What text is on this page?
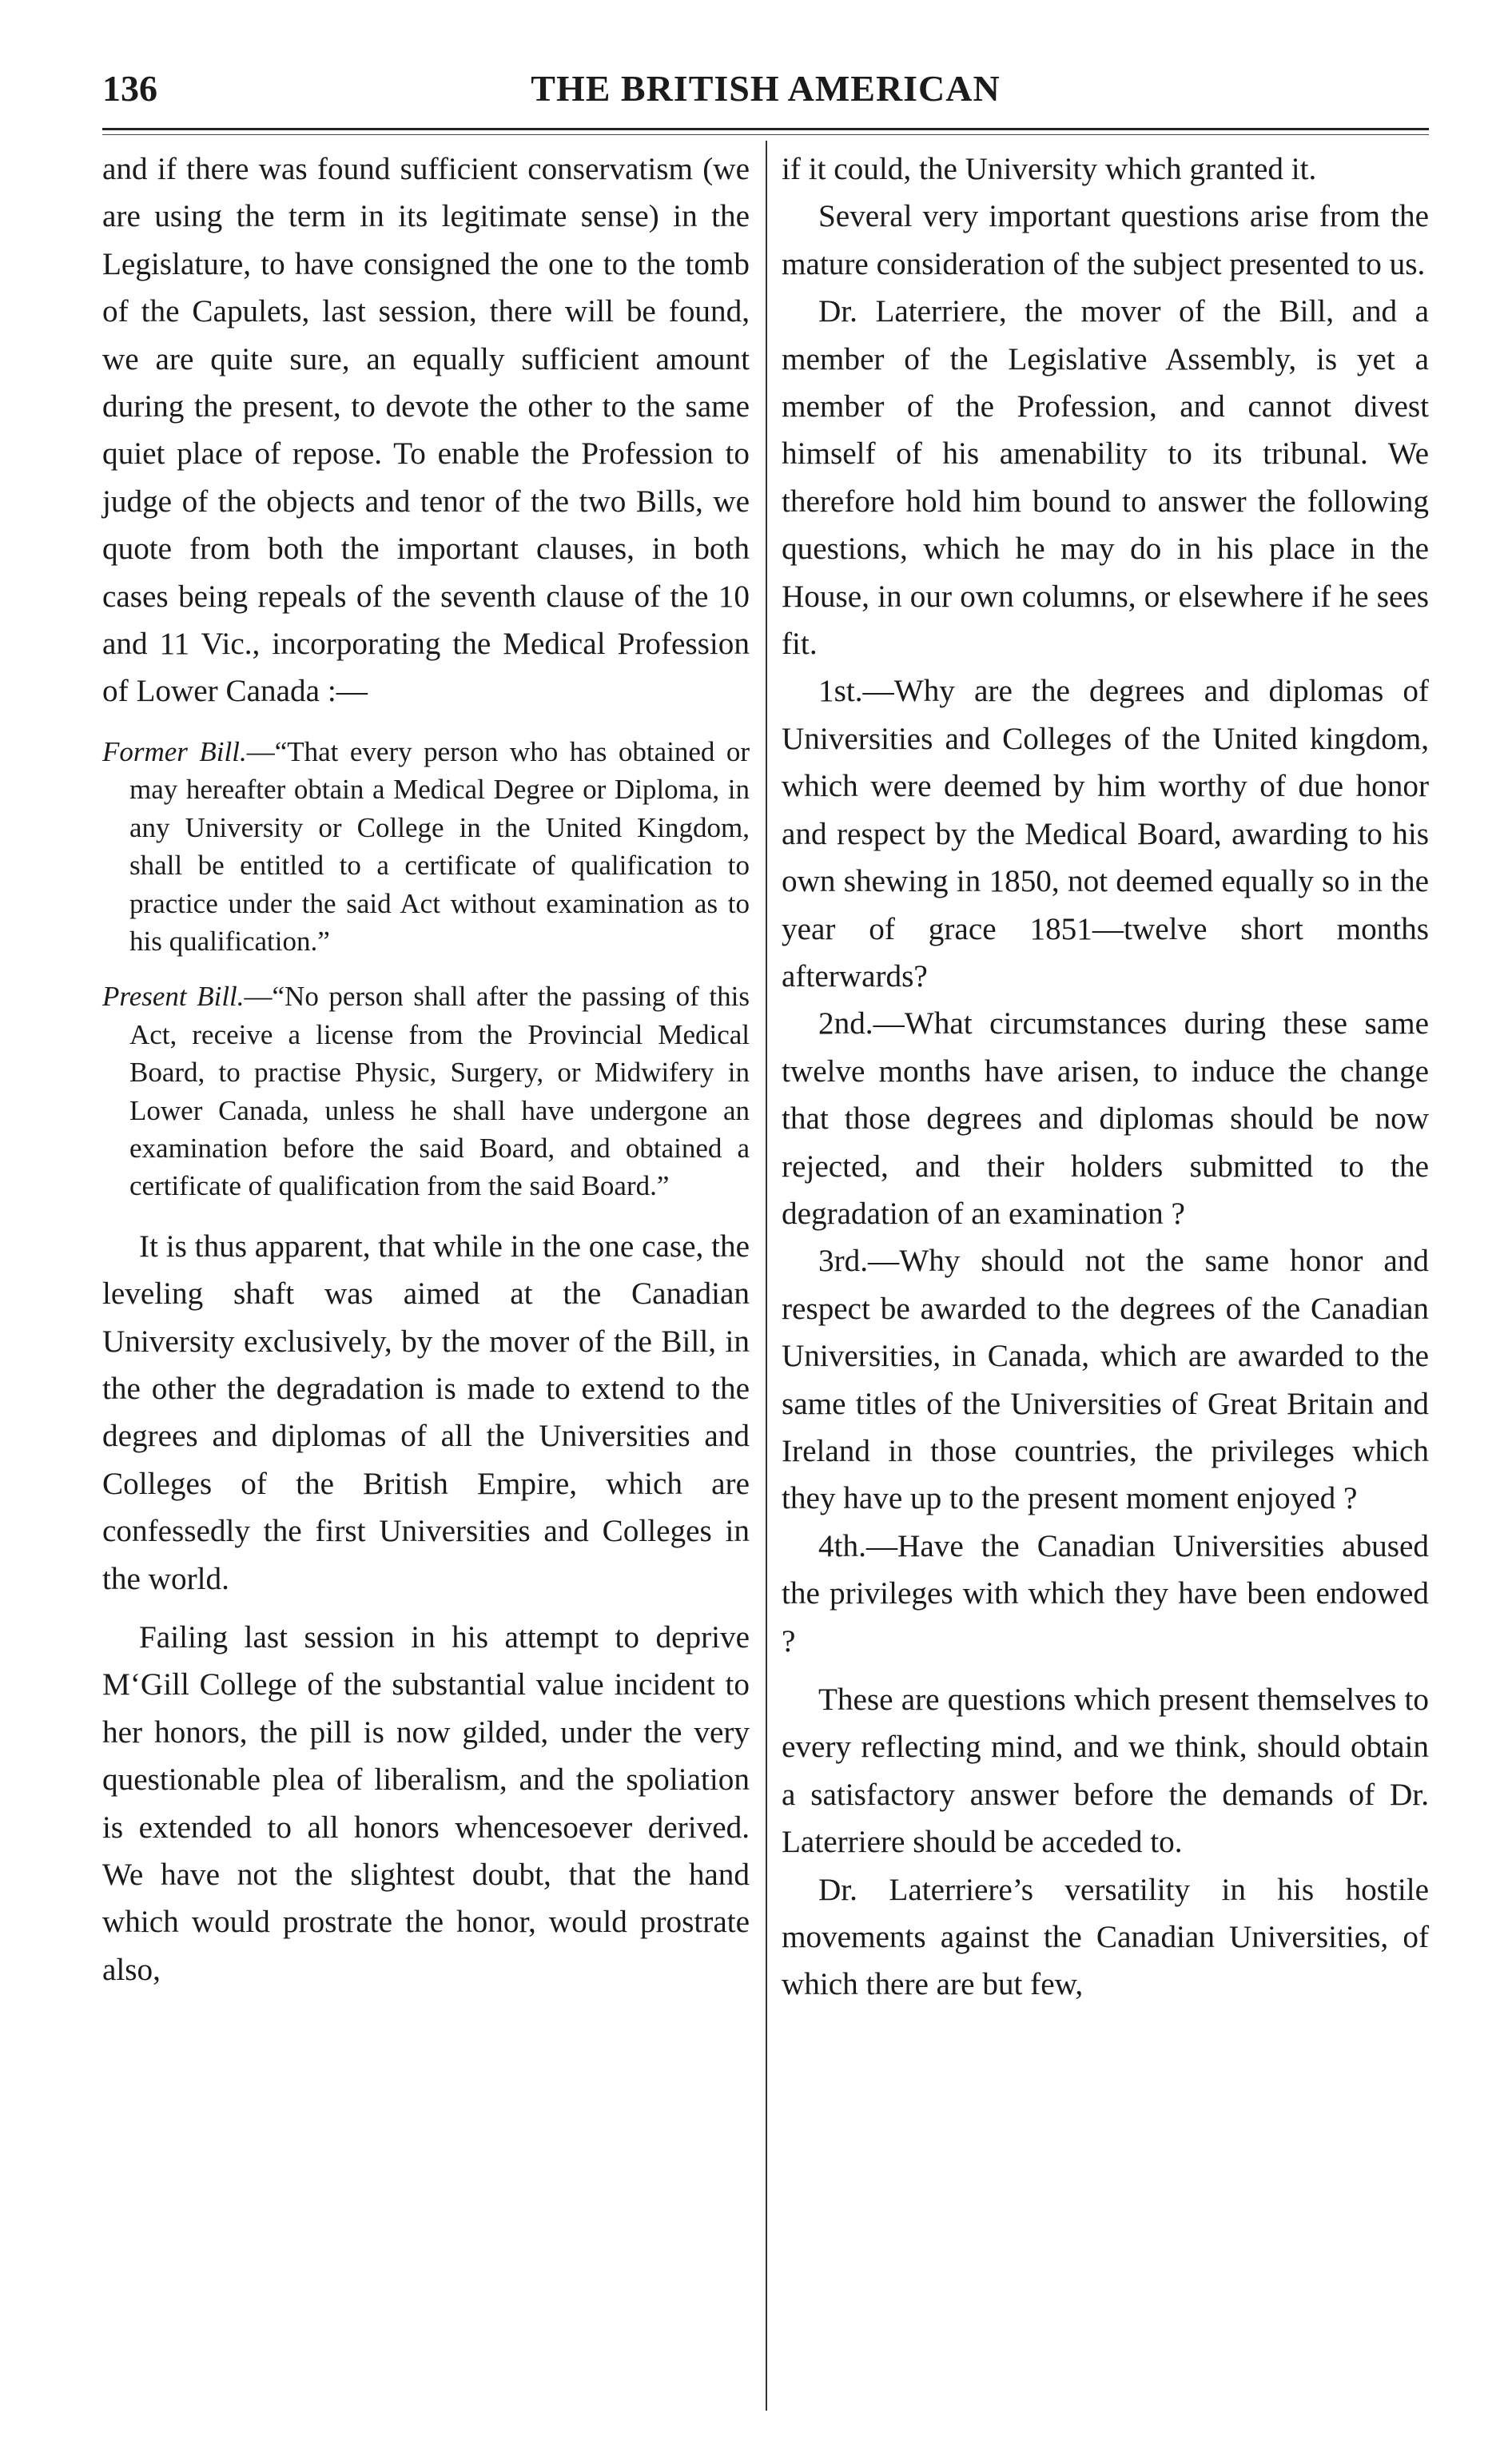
136	THE BRITISH AMERICAN

and if there was found sufficient conservatism (we are using the term in its legitimate sense) in the Legislature, to have consigned the one to the tomb of the Capulets, last session, there will be found, we are quite sure, an equally sufficient amount during the present, to devote the other to the same quiet place of repose. To enable the Profession to judge of the objects and tenor of the two Bills, we quote from both the important clauses, in both cases being repeals of the seventh clause of the 10 and 11 Vic., incorporating the Medical Profession of Lower Canada :—

Former Bill.—“That every person who has obtained or may hereafter obtain a Medical Degree or Diploma, in any University or College in the United Kingdom, shall be entitled to a certificate of qualification to practice under the said Act without examination as to his qualification.”
Present Bill.—“No person shall after the passing of this Act, receive a license from the Provincial Medical Board, to practise Physic, Surgery, or Midwifery in Lower Canada, unless he shall have undergone an examination before the said Board, and obtained a certificate of qualification from the said Board.”

It is thus apparent, that while in the one case, the leveling shaft was aimed at the Canadian University exclusively, by the mover of the Bill, in the other the degradation is made to extend to the degrees and diplomas of all the Universities and Colleges of the British Empire, which are confessedly the first Universities and Colleges in the world.

Failing last session in his attempt to deprive M‘Gill College of the substantial value incident to her honors, the pill is now gilded, under the very questionable plea of liberalism, and the spoliation is extended to all honors whencesoever derived. We have not the slightest doubt, that the hand which would prostrate the honor, would prostrate also,

if it could, the University which granted it.

Several very important questions arise from the mature consideration of the subject presented to us.

Dr. Laterriere, the mover of the Bill, and a member of the Legislative Assembly, is yet a member of the Profession, and cannot divest himself of his amenability to its tribunal. We therefore hold him bound to answer the following questions, which he may do in his place in the House, in our own columns, or elsewhere if he sees fit.

1st.—Why are the degrees and diplomas of Universities and Colleges of the United kingdom, which were deemed by him worthy of due honor and respect by the Medical Board, awarding to his own shewing in 1850, not deemed equally so in the year of grace 1851—twelve short months afterwards?

2nd.—What circumstances during these same twelve months have arisen, to induce the change that those degrees and diplomas should be now rejected, and their holders submitted to the degradation of an examination ?

3rd.—Why should not the same honor and respect be awarded to the degrees of the Canadian Universities, in Canada, which are awarded to the same titles of the Universities of Great Britain and Ireland in those countries, the privileges which they have up to the present moment enjoyed ?

4th.—Have the Canadian Universities abused the privileges with which they have been endowed ?

These are questions which present themselves to every reflecting mind, and we think, should obtain a satisfactory answer before the demands of Dr. Laterriere should be acceded to.

Dr. Laterriere’s versatility in his hostile movements against the Canadian Universities, of which there are but few,
